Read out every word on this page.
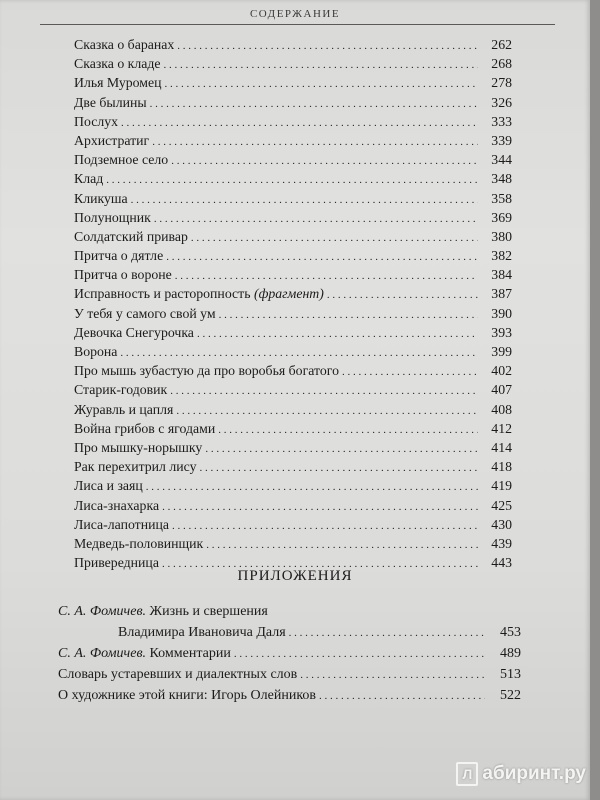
СОДЕРЖАНИЕ
Сказка о баранах . . .	262
Сказка о кладе . . .	268
Илья Муромец . . .	278
Две былины . . .	326
Послух . . .	333
Архистратиг . . .	339
Подземное село . . .	344
Клад . . .	348
Кликуша . . .	358
Полунощник . . .	369
Солдатский привар . . .	380
Притча о дятле . . .	382
Притча о вороне . . .	384
Исправность и расторопность (фрагмент) . . .	387
У тебя у самого свой ум . . .	390
Девочка Снегурочка . . .	393
Ворона . . .	399
Про мышь зубастую да про воробья богатого . . .	402
Старик-годовик . . .	407
Журавль и цапля . . .	408
Война грибов с ягодами . . .	412
Про мышку-норышку . . .	414
Рак перехитрил лису . . .	418
Лиса и заяц . . .	419
Лиса-знахарка . . .	425
Лиса-лапотница . . .	430
Медведь-половинщик . . .	439
Привередница . . .	443
ПРИЛОЖЕНИЯ
С. А. Фомичев. Жизнь и свершения
Владимира Ивановича Даля . . .	453
С. А. Фомичев. Комментарии . . .	489
Словарь устаревших и диалектных слов . . .	513
О художнике этой книги: Игорь Олейников . . .	522
Л абиринт.ру
